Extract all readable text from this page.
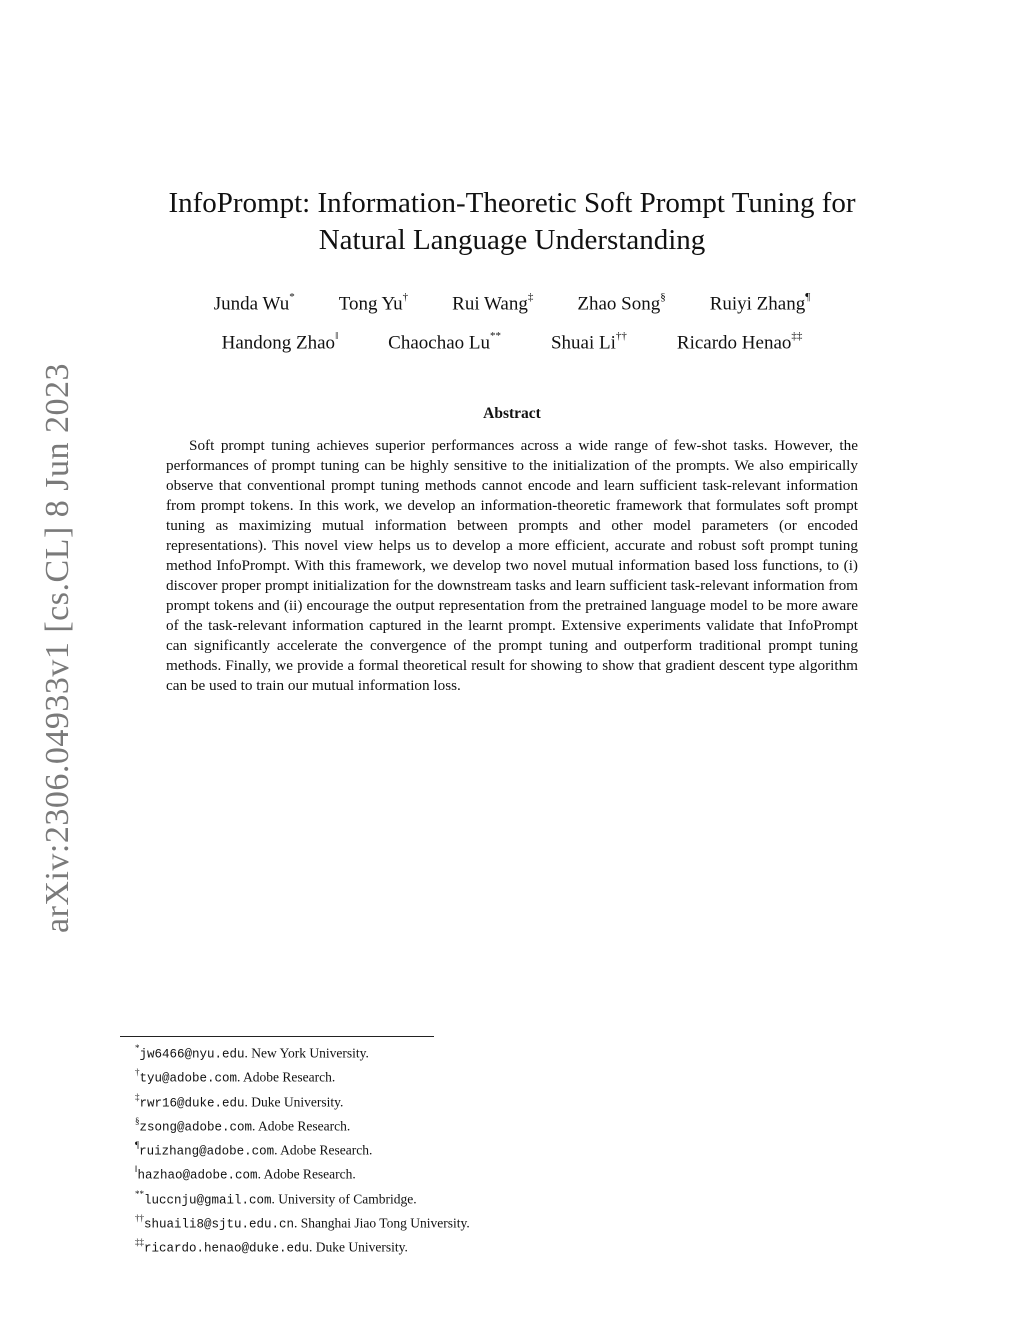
arXiv:2306.04933v1 [cs.CL] 8 Jun 2023
InfoPrompt: Information-Theoretic Soft Prompt Tuning for
Natural Language Understanding
Junda Wu* Tong Yu† Rui Wang‡ Zhao Song§ Ruiyi Zhang¶
Handong Zhao‖	Chaochao Lu**	Shuai Li††	Ricardo Henao‡‡
Abstract

Soft prompt tuning achieves superior performances across a wide range of few-shot tasks. However, the performances of prompt tuning can be highly sensitive to the initialization of the prompts. We also empirically observe that conventional prompt tuning methods cannot encode and learn sufficient task-relevant information from prompt tokens. In this work, we develop an information-theoretic framework that formulates soft prompt tuning as maximizing mutual information between prompts and other model parameters (or encoded representations). This novel view helps us to develop a more efficient, accurate and robust soft prompt tuning method InfoPrompt. With this framework, we develop two novel mutual information based loss functions, to (i) discover proper prompt initialization for the downstream tasks and learn sufficient task-relevant information from prompt tokens and (ii) encourage the output representation from the pretrained language model to be more aware of the task-relevant information captured in the learnt prompt. Extensive experiments validate that InfoPrompt can significantly accelerate the convergence of the prompt tuning and outperform traditional prompt tuning methods. Finally, we provide a formal theoretical result for showing to show that gradient descent type algorithm can be used to train our mutual information loss.

*jw6466@nyu.edu. New York University.
†tyu@adobe.com. Adobe Research.
‡rwr16@duke.edu. Duke University.
§zsong@adobe.com. Adobe Research.
¶ruizhang@adobe.com. Adobe Research.
‖hazhao@adobe.com. Adobe Research.
**luccnju@gmail.com. University of Cambridge.
††shuaili8@sjtu.edu.cn. Shanghai Jiao Tong University.
‡‡ricardo.henao@duke.edu. Duke University.
